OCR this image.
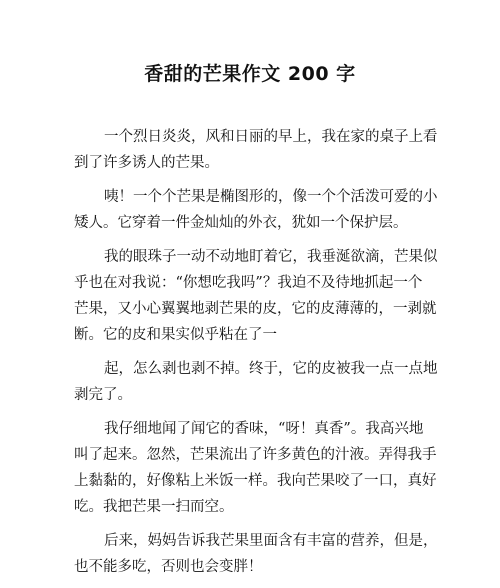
香甜的芒果作文 200 字
一个烈日炎炎，风和日丽的早上，我在家的桌子上看
到了许多诱人的芒果。
咦！一个个芒果是椭图形的，像一个个活泼可爱的小
矮人。它穿着一件金灿灿的外衣，犹如一个保护层。
我的眼珠子一动不动地盯着它，我垂涎欲滴，芒果似
乎也在对我说：“你想吃我吗”？我迫不及待地抓起一个
芒果，又小心翼翼地剥芒果的皮，它的皮薄薄的，一剥就
断。它的皮和果实似乎粘在了一
起，怎么剥也剥不掉。终于，它的皮被我一点一点地
剥完了。
我仔细地闻了闻它的香味，“呀！真香”。我高兴地
叫了起来。忽然，芒果流出了许多黄色的汁液。弄得我手
上黏黏的，好像粘上米饭一样。我向芒果咬了一口，真好
吃。我把芒果一扫而空。
后来，妈妈告诉我芒果里面含有丰富的营养，但是，
也不能多吃，否则也会变胖！
